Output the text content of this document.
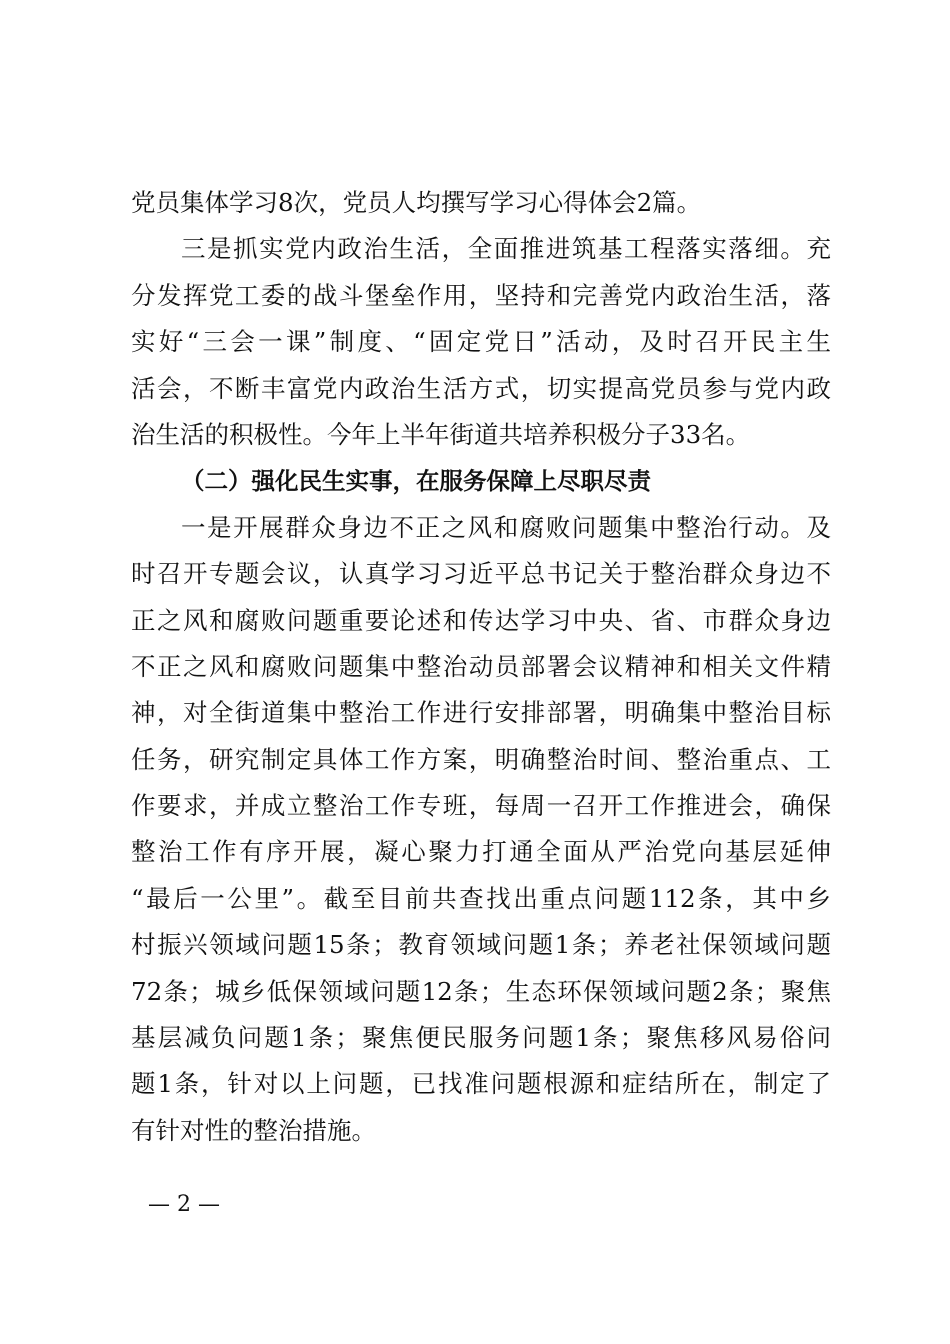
党员集体学习8次，党员人均撰写学习心得体会2篇。
三是抓实党内政治生活，全面推进筑基工程落实落细。充
分发挥党工委的战斗堡垒作用，坚持和完善党内政治生活，落
实好“三会一课”制度、“固定党日”活动，及时召开民主生
活会，不断丰富党内政治生活方式，切实提高党员参与党内政
治生活的积极性。今年上半年街道共培养积极分子33名。
（二）强化民生实事，在服务保障上尽职尽责
一是开展群众身边不正之风和腐败问题集中整治行动。及
时召开专题会议，认真学习习近平总书记关于整治群众身边不
正之风和腐败问题重要论述和传达学习中央、省、市群众身边
不正之风和腐败问题集中整治动员部署会议精神和相关文件精
神，对全街道集中整治工作进行安排部署，明确集中整治目标
任务，研究制定具体工作方案，明确整治时间、整治重点、工
作要求，并成立整治工作专班，每周一召开工作推进会，确保
整治工作有序开展，凝心聚力打通全面从严治党向基层延伸
“最后一公里”。截至目前共查找出重点问题112条，其中乡
村振兴领域问题15条；教育领域问题1条；养老社保领域问题
72条；城乡低保领域问题12条；生态环保领域问题2条；聚焦
基层减负问题1条；聚焦便民服务问题1条；聚焦移风易俗问
题1条，针对以上问题，已找准问题根源和症结所在，制定了
有针对性的整治措施。
— 2 —
